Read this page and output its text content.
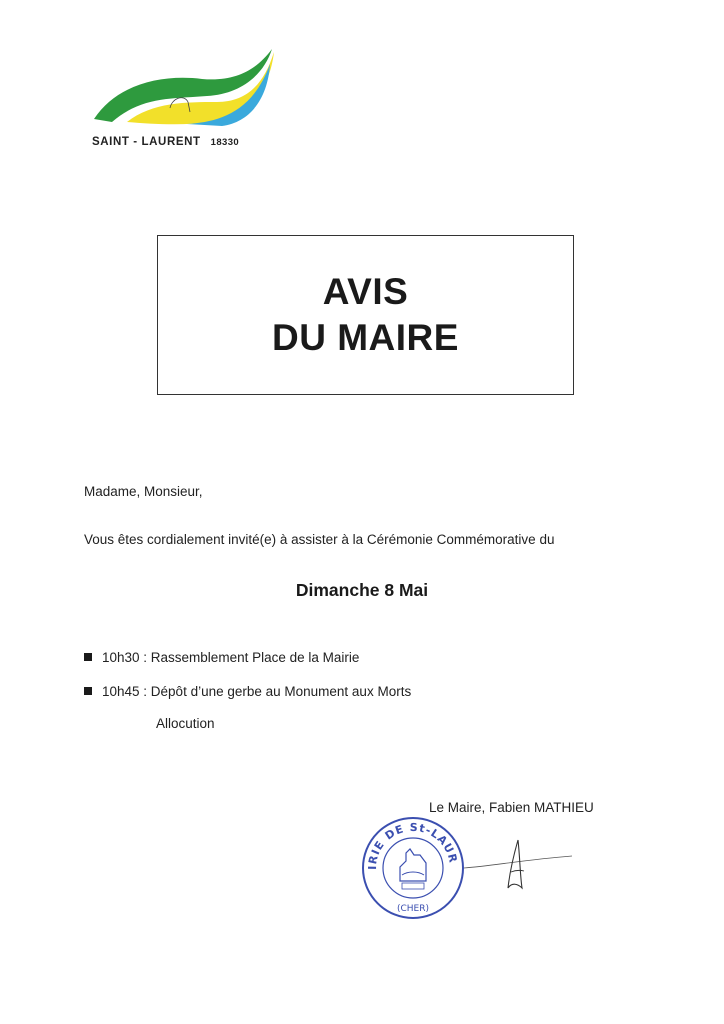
SAINT - LAURENT 18330
AVIS
DU MAIRE
Madame, Monsieur,
Vous êtes cordialement invité(e) à assister à la Cérémonie Commémorative du
Dimanche 8 Mai
10h30 : Rassemblement Place de la Mairie
10h45 : Dépôt d’une gerbe au Monument aux Morts
Allocution
Le Maire, Fabien MATHIEU
IRIE DE St-LAUR
(CHER)
